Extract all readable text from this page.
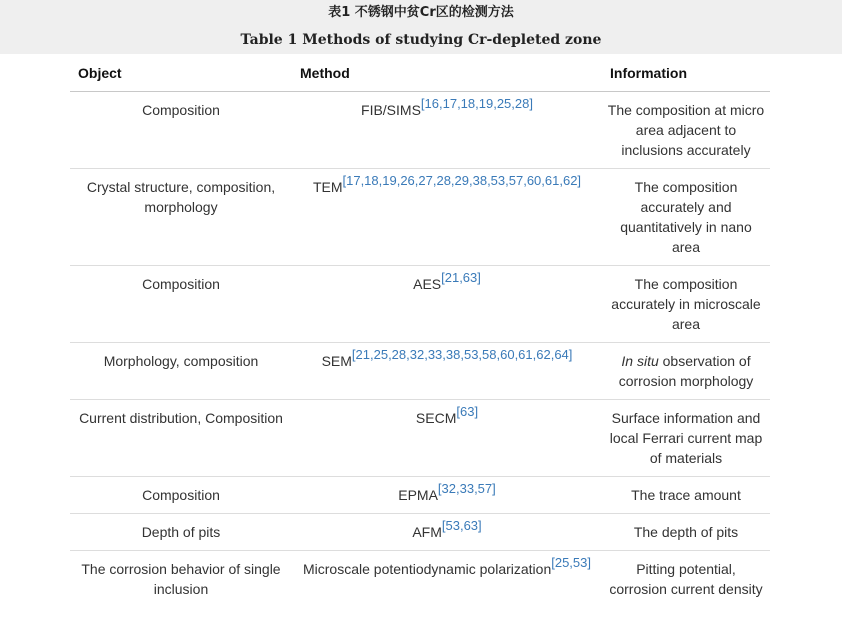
表1 不锈钢中贫Cr区的检测方法
Table 1 Methods of studying Cr-depleted zone
Object	Method	Information
Composition	FIB/SIMS[16,17,18,19,25,28]	The composition at micro area adjacent to inclusions accurately
Crystal structure, composition, morphology	TEM[17,18,19,26,27,28,29,38,53,57,60,61,62]	The composition accurately and quantitatively in nano area
Composition	AES[21,63]	The composition accurately in microscale area
Morphology, composition	SEM[21,25,28,32,33,38,53,58,60,61,62,64]	In situ observation of corrosion morphology
Current distribution, Composition	SECM[63]	Surface information and local Ferrari current map of materials
Composition	EPMA[32,33,57]	The trace amount
Depth of pits	AFM[53,63]	The depth of pits
The corrosion behavior of single inclusion	Microscale potentiodynamic polarization[25,53]	Pitting potential, corrosion current density
